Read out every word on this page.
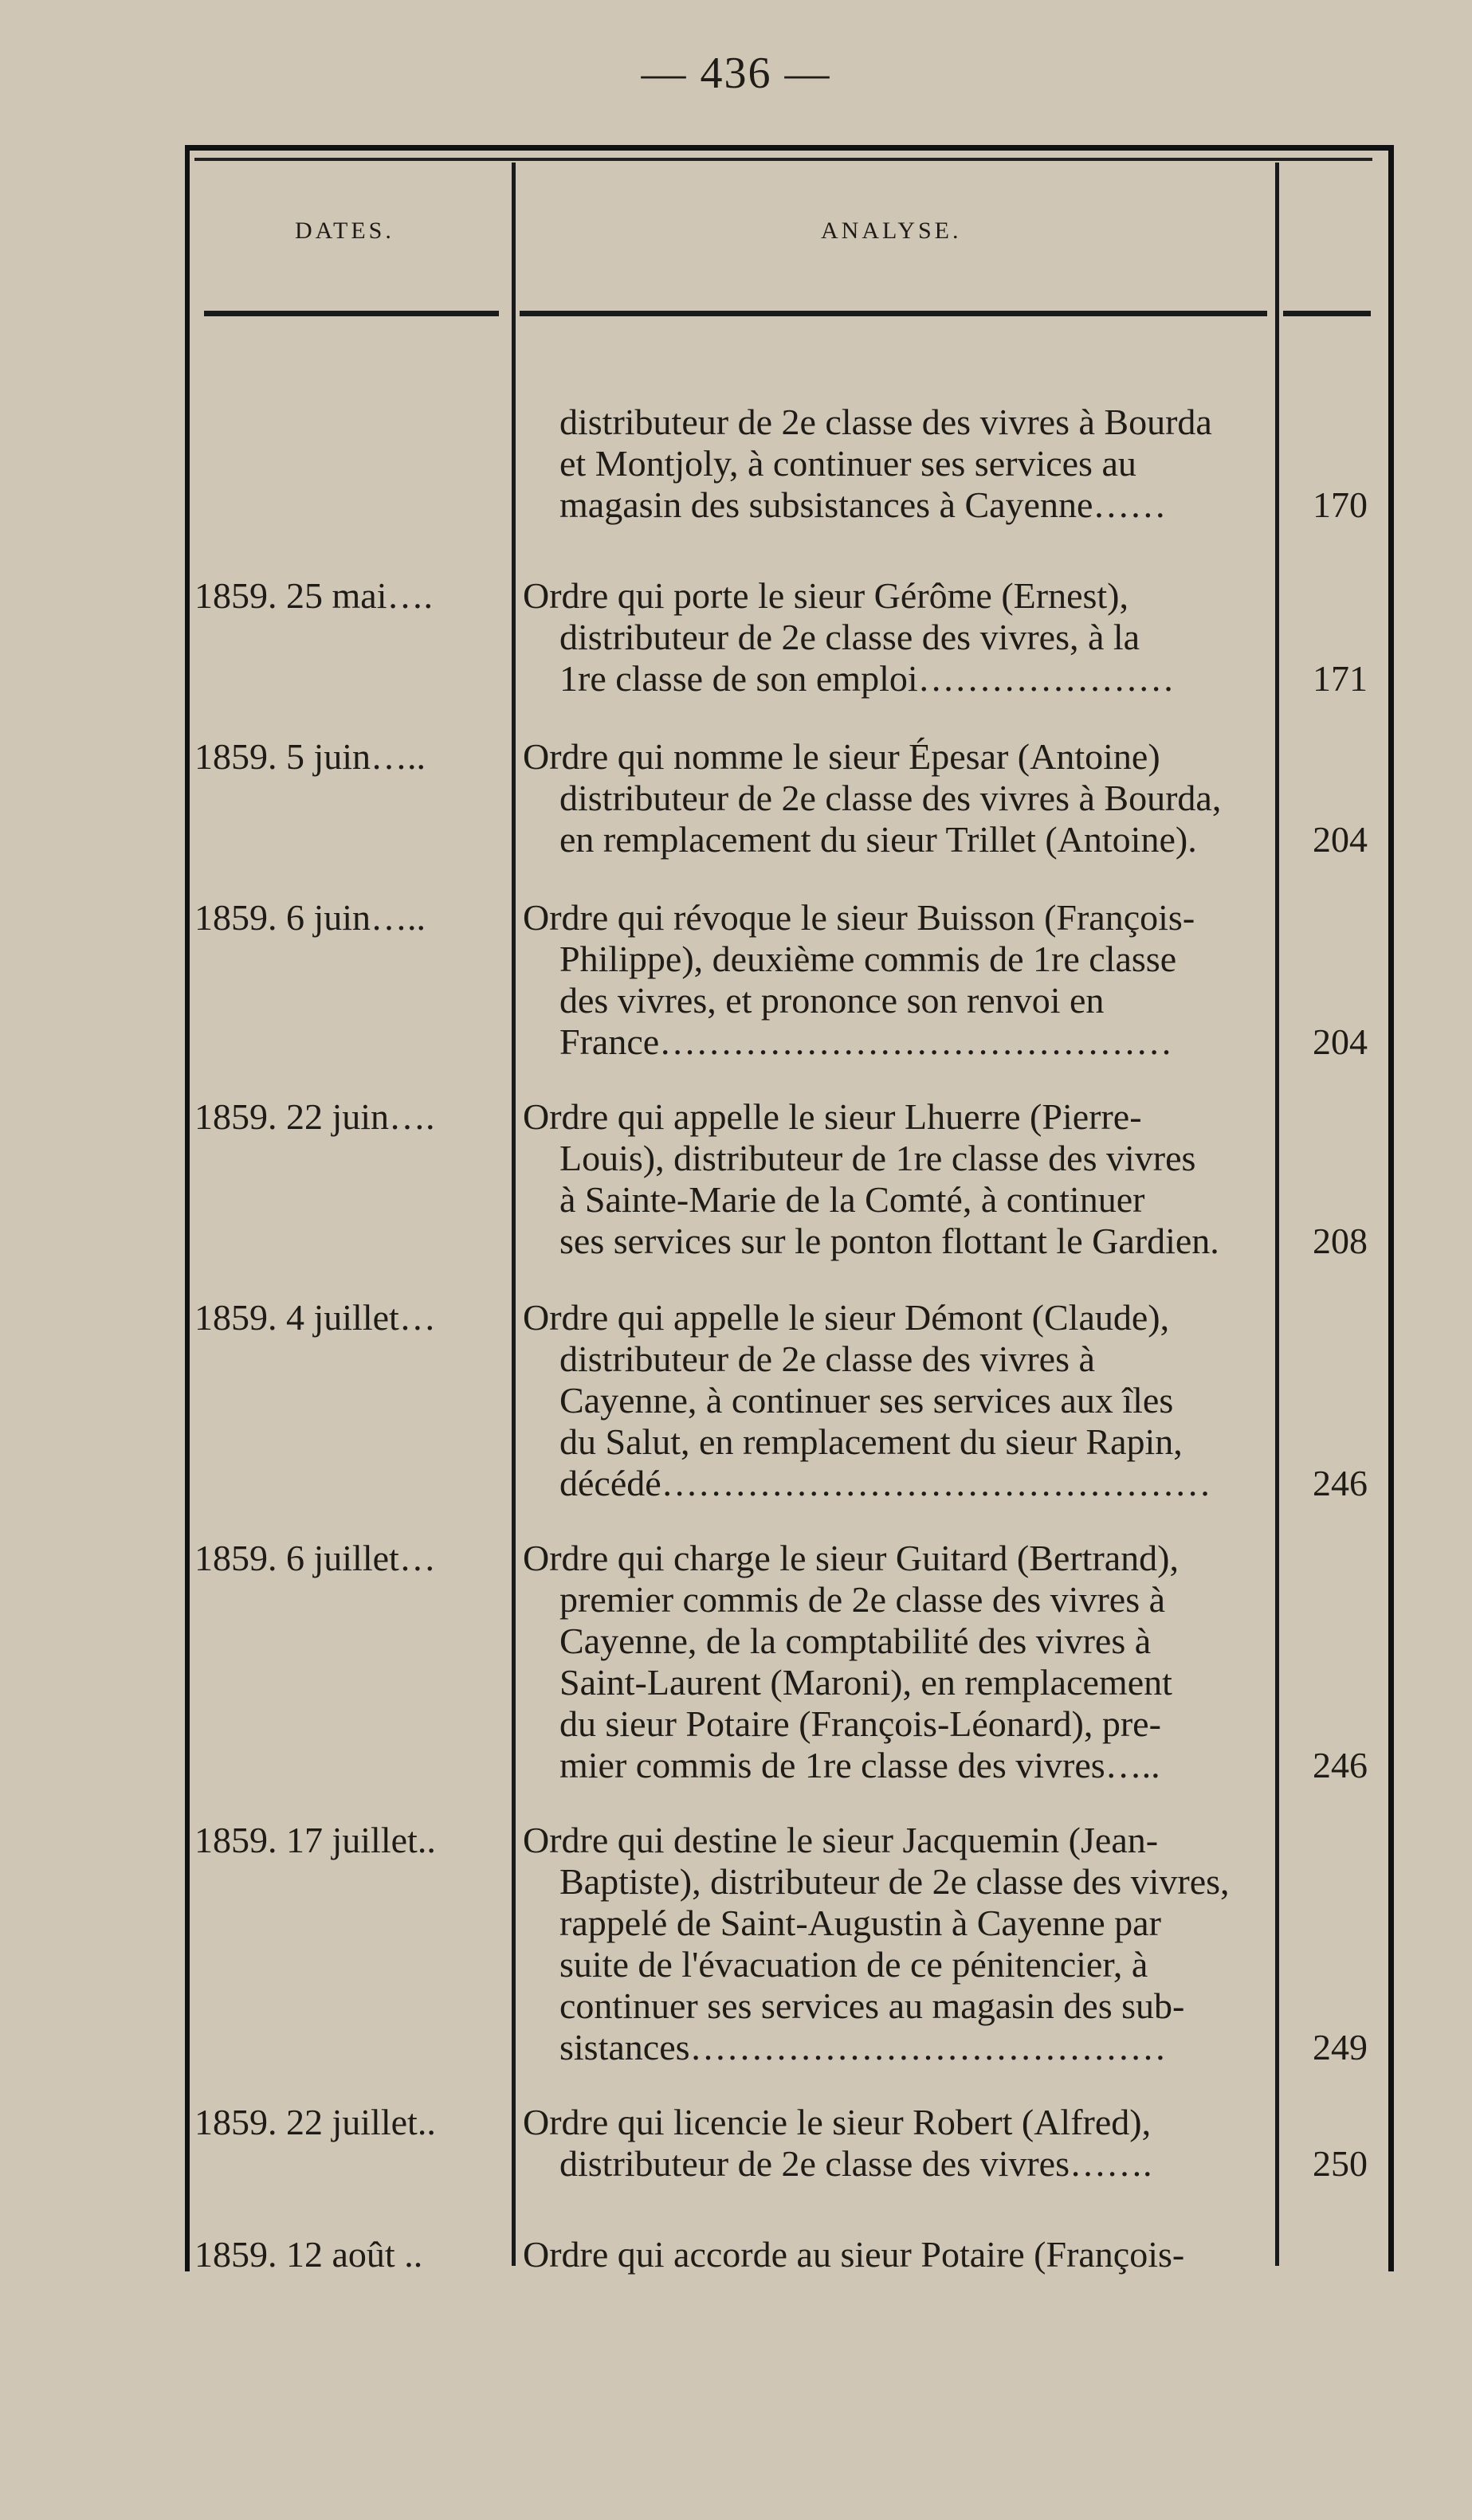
— 436 —
DATES.	ANALYSE.
distributeur de 2e classe des vivres à Bourda
et Montjoly, à continuer ses services au
magasin des subsistances à Cayenne……	170
1859. 25 mai….	Ordre qui porte le sieur Gérôme (Ernest),
distributeur de 2e classe des vivres, à la
1re classe de son emploi…………………	171
1859. 5 juin…..	Ordre qui nomme le sieur Épesar (Antoine)
distributeur de 2e classe des vivres à Bourda,
en remplacement du sieur Trillet (Antoine).	204
1859. 6 juin…..	Ordre qui révoque le sieur Buisson (François-
Philippe), deuxième commis de 1re classe
des vivres, et prononce son renvoi en
France……………………………………	204
1859. 22 juin….	Ordre qui appelle le sieur Lhuerre (Pierre-
Louis), distributeur de 1re classe des vivres
à Sainte-Marie de la Comté, à continuer
ses services sur le ponton flottant le Gardien.	208
1859. 4 juillet…	Ordre qui appelle le sieur Démont (Claude),
distributeur de 2e classe des vivres à
Cayenne, à continuer ses services aux îles
du Salut, en remplacement du sieur Rapin,
décédé………………………………………	246
1859. 6 juillet…	Ordre qui charge le sieur Guitard (Bertrand),
premier commis de 2e classe des vivres à
Cayenne, de la comptabilité des vivres à
Saint-Laurent (Maroni), en remplacement
du sieur Potaire (François-Léonard), pre-
mier commis de 1re classe des vivres…..	246
1859. 17 juillet..	Ordre qui destine le sieur Jacquemin (Jean-
Baptiste), distributeur de 2e classe des vivres,
rappelé de Saint-Augustin à Cayenne par
suite de l'évacuation de ce pénitencier, à
continuer ses services au magasin des sub-
sistances…………………………………	249
1859. 22 juillet..	Ordre qui licencie le sieur Robert (Alfred),
distributeur de 2e classe des vivres…….	250
1859. 12 août ..	Ordre qui accorde au sieur Potaire (François-
